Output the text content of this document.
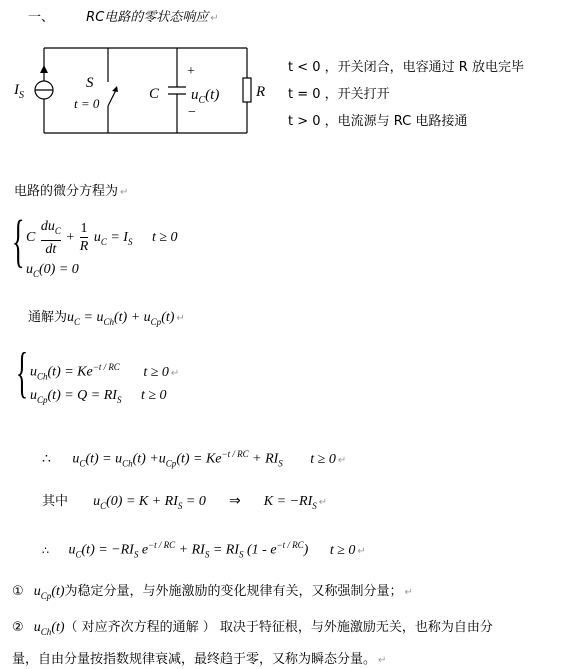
一、 RC电路的零状态响应 ↵
$I_S$
S
t = 0
C
+
$u_C(t)$
−
R
t < 0 ，开关闭合，电容通过 R 放电完毕
t = 0 ，开关打开
t > 0 ，电流源与 RC 电路接通
电路的微分方程为 ↵
{ C
$du_C$
dt
+ $\frac{1}{R} u_C = I_S$ t ≥ 0
$u_C(0) = 0$
通解为$u_C = u_{Ch}(t) + u_{Cp}(t)$ ↵
{ $u_{Ch}(t) = Ke^{-t / RC}$ t ≥ 0 ↵
$u_{Cp}(t) = Q = RI_S$ t ≥ 0
∴ $u_C(t) = u_{Ch}(t) +u_{Cp}(t) = Ke^{-t / RC} + RI_S$ t ≥ 0 ↵
其中 $u_C(0) = K + RI_S = 0$ ⇒ $K = -RI_S$ ↵
∴ $u_C(t) = -RI_S$ $e^{-t / RC} + RI_S = RI_S$ $(1 - e^{-t / RC})$ t ≥ 0 ↵
① $u_{Cp}(t)$为稳定分量，与外施激励的变化规律有关，又称强制分量； ↵
② $u_{Ch}(t)$（ 对应齐次方程的通解 ） 取决于特征根，与外施激励无关，也称为自由分
量，自由分量按指数规律衰减，最终趋于零，又称为瞬态分量。 ↵
